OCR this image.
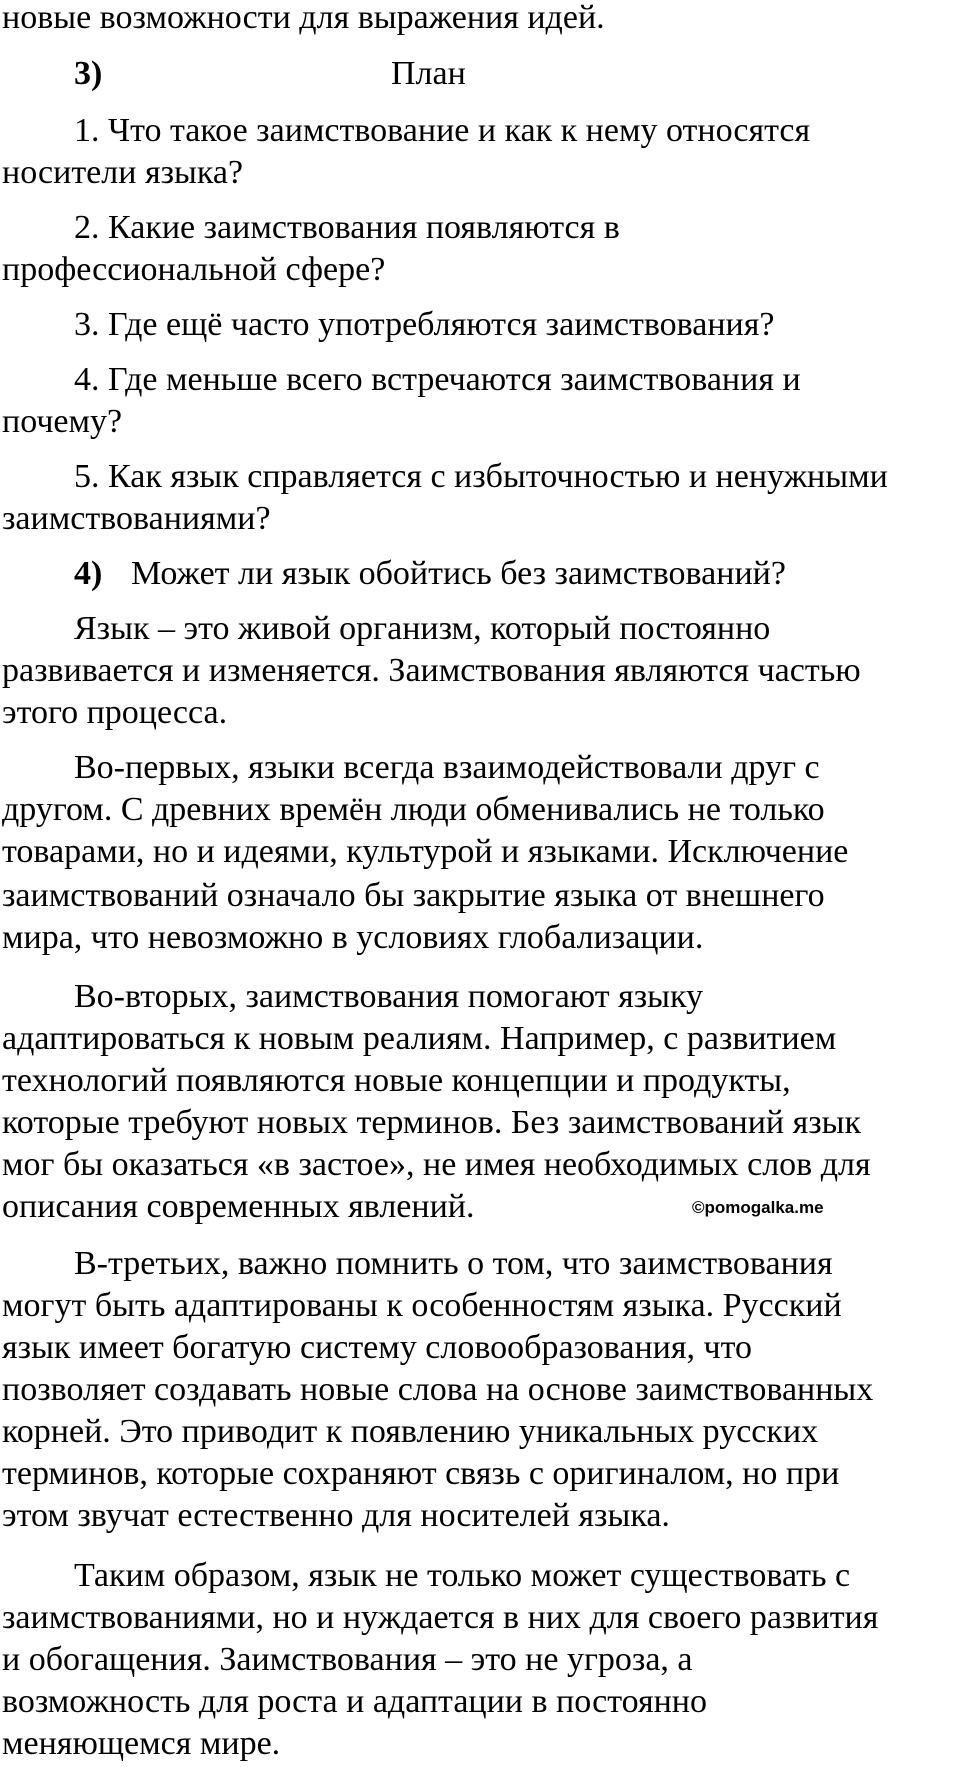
новые возможности для выражения идей.
3)	План
1. Что такое заимствование и как к нему относятся
носители языка?
2. Какие заимствования появляются в
профессиональной сфере?
3. Где ещё часто употребляются заимствования?
4. Где меньше всего встречаются заимствования и
почему?
5. Как язык справляется с избыточностью и ненужными
заимствованиями?
4) Может ли язык обойтись без заимствований?
Язык – это живой организм, который постоянно
развивается и изменяется. Заимствования являются частью
этого процесса.
Во-первых, языки всегда взаимодействовали друг с
другом. С древних времён люди обменивались не только
товарами, но и идеями, культурой и языками. Исключение
заимствований означало бы закрытие языка от внешнего
мира, что невозможно в условиях глобализации.
Во-вторых, заимствования помогают языку
адаптироваться к новым реалиям. Например, с развитием
технологий появляются новые концепции и продукты,
которые требуют новых терминов. Без заимствований язык
мог бы оказаться «в застое», не имея необходимых слов для
описания современных явлений.	©pomogalka.me
В-третьих, важно помнить о том, что заимствования
могут быть адаптированы к особенностям языка. Русский
язык имеет богатую систему словообразования, что
позволяет создавать новые слова на основе заимствованных
корней. Это приводит к появлению уникальных русских
терминов, которые сохраняют связь с оригиналом, но при
этом звучат естественно для носителей языка.
Таким образом, язык не только может существовать с
заимствованиями, но и нуждается в них для своего развития
и обогащения. Заимствования – это не угроза, а
возможность для роста и адаптации в постоянно
меняющемся мире.
